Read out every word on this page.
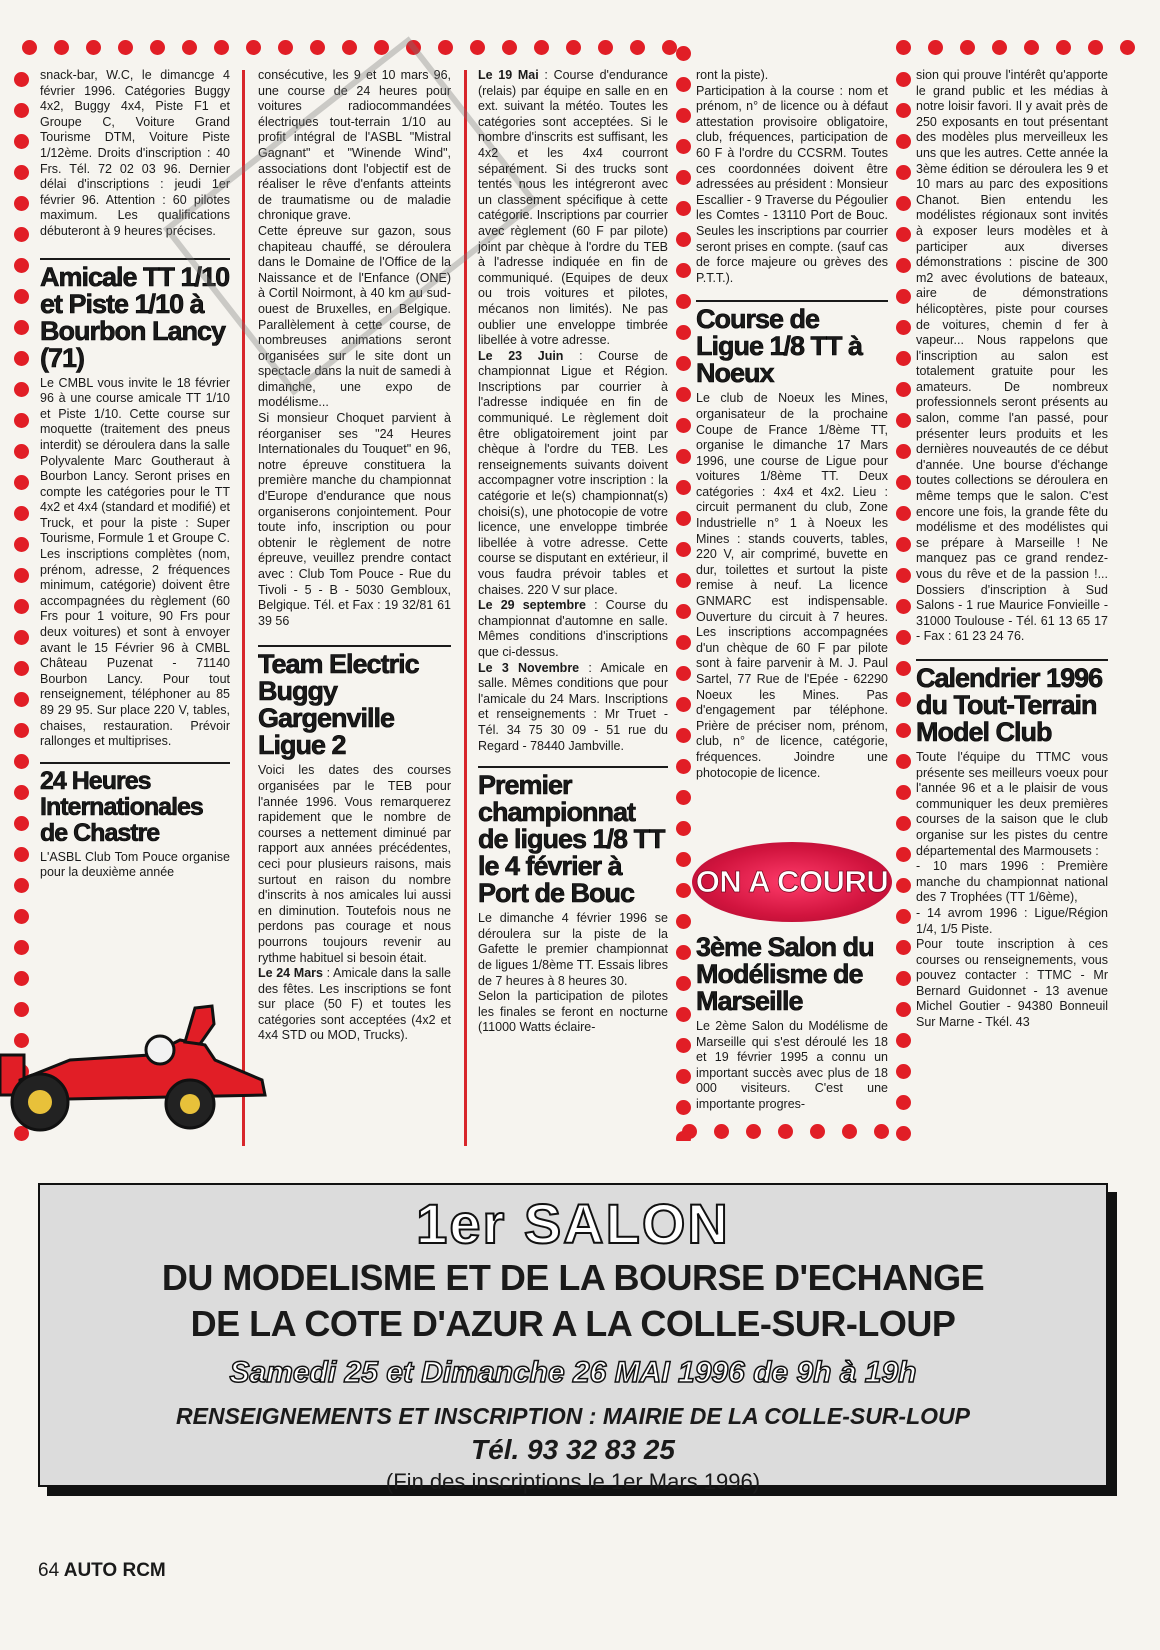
snack-bar, W.C, le dimancge 4 février 1996. Catégories Buggy 4x2, Buggy 4x4, Piste F1 et Groupe C, Voiture Grand Tourisme DTM, Voiture Piste 1/12ème. Droits d'inscription : 40 Frs. Tél. 72 02 03 96. Dernier délai d'inscriptions : jeudi 1er février 96. Attention : 60 pilotes maximum. Les qualifications débuteront à 9 heures précises.

Amicale TT 1/10 et Piste 1/10 à Bourbon Lancy (71)

Le CMBL vous invite le 18 février 96 à une course amicale TT 1/10 et Piste 1/10. Cette course sur moquette (traitement des pneus interdit) se déroulera dans la salle Polyvalente Marc Goutheraut à Bourbon Lancy. Seront prises en compte les catégories pour le TT 4x2 et 4x4 (standard et modifié) et Truck, et pour la piste : Super Tourisme, Formule 1 et Groupe C. Les inscriptions complètes (nom, prénom, adresse, 2 fréquences minimum, catégorie) doivent être accompagnées du règlement (60 Frs pour 1 voiture, 90 Frs pour deux voitures) et sont à envoyer avant le 15 Février 96 à CMBL Château Puzenat - 71140 Bourbon Lancy. Pour tout renseignement, téléphoner au 85 89 29 95. Sur place 220 V, tables, chaises, restauration. Prévoir rallonges et multiprises.

24 Heures Internationales de Chastre

L'ASBL Club Tom Pouce organise pour la deuxième année

consécutive, les 9 et 10 mars 96, une course de 24 heures pour voitures radiocommandées électriques tout-terrain 1/10 au profit intégral de l'ASBL "Mistral Gagnant" et "Winende Wind", associations dont l'objectif est de réaliser le rêve d'enfants atteints de traumatisme ou de maladie chronique grave.

Cette épreuve sur gazon, sous chapiteau chauffé, se déroulera dans le Domaine de l'Office de la Naissance et de l'Enfance (ONE) à Cortil Noirmont, à 40 km au sud-ouest de Bruxelles, en Belgique. Parallèlement à cette course, de nombreuses animations seront organisées sur le site dont un spectacle dans la nuit de samedi à dimanche, une expo de modélisme...

Si monsieur Choquet parvient à réorganiser ses "24 Heures Internationales du Touquet" en 96, notre épreuve constituera la première manche du championnat d'Europe d'endurance que nous organiserons conjointement. Pour toute info, inscription ou pour obtenir le règlement de notre épreuve, veuillez prendre contact avec : Club Tom Pouce - Rue du Tivoli - 5 - B - 5030 Gembloux, Belgique. Tél. et Fax : 19 32/81 61 39 56

Team Electric Buggy Gargenville Ligue 2

Voici les dates des courses organisées par le TEB pour l'année 1996. Vous remarquerez rapidement que le nombre de courses a nettement diminué par rapport aux années précédentes, ceci pour plusieurs raisons, mais surtout en raison du nombre d'inscrits à nos amicales lui aussi en diminution. Toutefois nous ne perdons pas courage et nous pourrons toujours revenir au rythme habituel si besoin était.

Le 24 Mars : Amicale dans la salle des fêtes. Les inscriptions se font sur place (50 F) et toutes les catégories sont acceptées (4x2 et 4x4 STD ou MOD, Trucks).

Le 19 Mai : Course d'endurance (relais) par équipe en salle en en ext. suivant la météo. Toutes les catégories sont acceptées. Si le nombre d'inscrits est suffisant, les 4x2 et les 4x4 courront séparément. Si des trucks sont tentés nous les intégreront avec un classement spécifique à cette catégorie. Inscriptions par courrier avec règlement (60 F par pilote) joint par chèque à l'ordre du TEB à l'adresse indiquée en fin de communiqué. (Equipes de deux ou trois voitures et pilotes, mécanos non limités). Ne pas oublier une enveloppe timbrée libellée à votre adresse.

Le 23 Juin : Course de championnat Ligue et Région. Inscriptions par courrier à l'adresse indiquée en fin de communiqué. Le règlement doit être obligatoirement joint par chèque à l'ordre du TEB. Les renseignements suivants doivent accompagner votre inscription : la catégorie et le(s) championnat(s) choisi(s), une photocopie de votre licence, une enveloppe timbrée libellée à votre adresse. Cette course se disputant en extérieur, il vous faudra prévoir tables et chaises. 220 V sur place.

Le 29 septembre : Course du championnat d'automne en salle. Mêmes conditions d'inscriptions que ci-dessus.

Le 3 Novembre : Amicale en salle. Mêmes conditions que pour l'amicale du 24 Mars. Inscriptions et renseignements : Mr Truet - Tél. 34 75 30 09 - 51 rue du Regard - 78440 Jambville.

Premier championnat de ligues 1/8 TT le 4 février à Port de Bouc

Le dimanche 4 février 1996 se déroulera sur la piste de la Gafette le premier championnat de ligues 1/8ème TT. Essais libres de 7 heures à 8 heures 30.

Selon la participation de pilotes les finales se feront en nocturne (11000 Watts éclaire-

ront la piste).

Participation à la course : nom et prénom, n° de licence ou à défaut attestation provisoire obligatoire, club, fréquences, participation de 60 F à l'ordre du CCSRM. Toutes ces coordonnées doivent être adressées au président : Monsieur Escallier - 9 Traverse du Pégoulier les Comtes - 13110 Port de Bouc. Seules les inscriptions par courrier seront prises en compte. (sauf cas de force majeure ou grèves des P.T.T.).

Course de Ligue 1/8 TT à Noeux

Le club de Noeux les Mines, organisateur de la prochaine Coupe de France 1/8ème TT, organise le dimanche 17 Mars 1996, une course de Ligue pour voitures 1/8ème TT. Deux catégories : 4x4 et 4x2. Lieu : circuit permanent du club, Zone Industrielle n° 1 à Noeux les Mines : stands couverts, tables, 220 V, air comprimé, buvette en dur, toilettes et surtout la piste remise à neuf. La licence GNMARC est indispensable. Ouverture du circuit à 7 heures. Les inscriptions accompagnées d'un chèque de 60 F par pilote sont à faire parvenir à M. J. Paul Sartel, 77 Rue de l'Epée - 62290 Noeux les Mines. Pas d'engagement par téléphone. Prière de préciser nom, prénom, club, n° de licence, catégorie, fréquences. Joindre une photocopie de licence.

ON A COURU
3ème Salon du Modélisme de Marseille

Le 2ème Salon du Modélisme de Marseille qui s'est déroulé les 18 et 19 février 1995 a connu un important succès avec plus de 18 000 visiteurs. C'est une importante progres-

sion qui prouve l'intérêt qu'apporte le grand public et les médias à notre loisir favori. Il y avait près de 250 exposants en tout présentant des modèles plus merveilleux les uns que les autres. Cette année la 3ème édition se déroulera les 9 et 10 mars au parc des expositions Chanot. Bien entendu les modélistes régionaux sont invités à exposer leurs modèles et à participer aux diverses démonstrations : piscine de 300 m2 avec évolutions de bateaux, aire de démonstrations hélicoptères, piste pour courses de voitures, chemin d fer à vapeur... Nous rappelons que l'inscription au salon est totalement gratuite pour les amateurs. De nombreux professionnels seront présents au salon, comme l'an passé, pour présenter leurs produits et les dernières nouveautés de ce début d'année. Une bourse d'échange toutes collections se déroulera en même temps que le salon. C'est encore une fois, la grande fête du modélisme et des modélistes qui se prépare à Marseille ! Ne manquez pas ce grand rendez-vous du rêve et de la passion !... Dossiers d'inscription à Sud Salons - 1 rue Maurice Fonvieille - 31000 Toulouse - Tél. 61 13 65 17 - Fax : 61 23 24 76.

Calendrier 1996 du Tout-Terrain Model Club

Toute l'équipe du TTMC vous présente ses meilleurs voeux pour l'année 96 et a le plaisir de vous communiquer les deux premières courses de la saison que le club organise sur les pistes du centre départemental des Marmousets :

- 10 mars 1996 : Première manche du championnat national des 7 Trophées (TT 1/6ème),

- 14 avrom 1996 : Ligue/Région 1/4, 1/5 Piste.

Pour toute inscription à ces courses ou renseignements, vous pouvez contacter : TTMC - Mr Bernard Guidonnet - 13 avenue Michel Goutier - 94380 Bonneuil Sur Marne - Tkél. 43

1er SALON
DU MODELISME ET DE LA BOURSE D'ECHANGE
DE LA COTE D'AZUR A LA COLLE-SUR-LOUP
Samedi 25 et Dimanche 26 MAI 1996 de 9h à 19h
RENSEIGNEMENTS ET INSCRIPTION : MAIRIE DE LA COLLE-SUR-LOUP
Tél. 93 32 83 25
(Fin des inscriptions le 1er Mars 1996)
64 AUTO RCM
